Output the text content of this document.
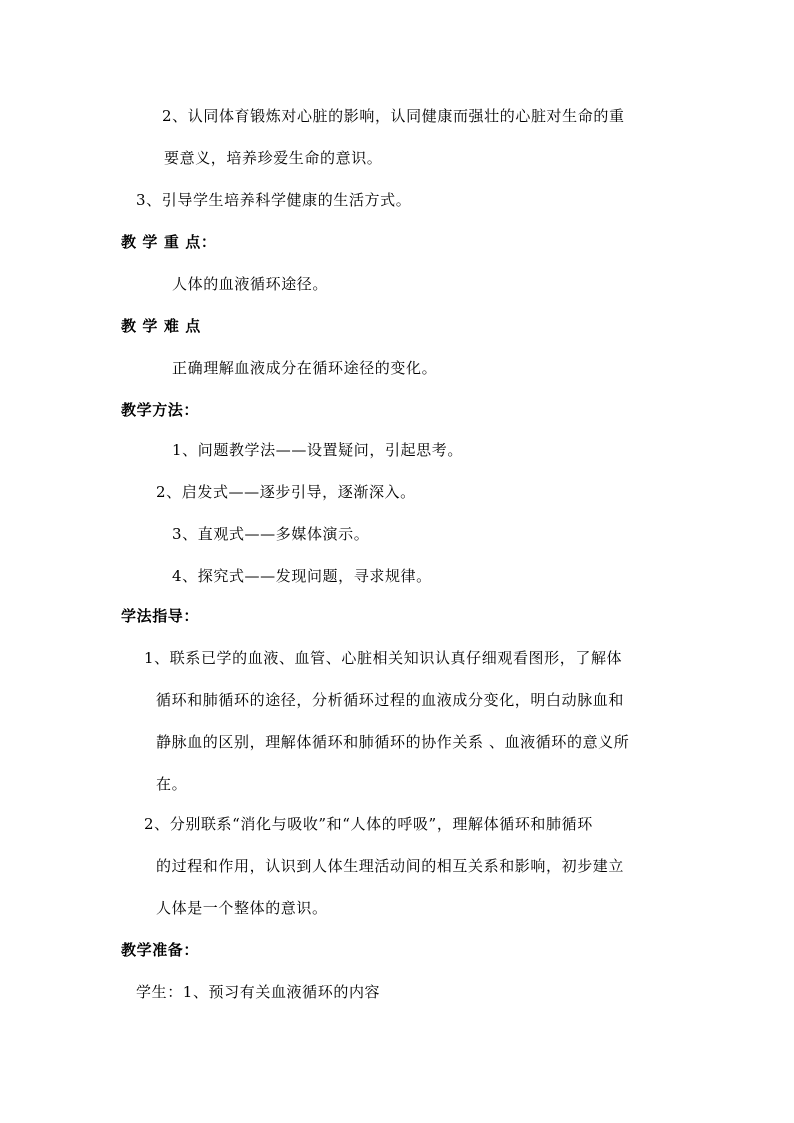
2、认同体育锻炼对心脏的影响，认同健康而强壮的心脏对生命的重
要意义，培养珍爱生命的意识。
3、引导学生培养科学健康的生活方式。
教 学 重 点：
人体的血液循环途径。
教 学 难 点
正确理解血液成分在循环途径的变化。
教学方法：
1、问题教学法——设置疑问，引起思考。
2、启发式——逐步引导，逐渐深入。
3、直观式——多媒体演示。
4、探究式——发现问题，寻求规律。
学法指导：
1、联系已学的血液、血管、心脏相关知识认真仔细观看图形，了解体
循环和肺循环的途径，分析循环过程的血液成分变化，明白动脉血和
静脉血的区别，理解体循环和肺循环的协作关系 、血液循环的意义所
在。
2、分别联系“消化与吸收”和“人体的呼吸”，理解体循环和肺循环
的过程和作用，认识到人体生理活动间的相互关系和影响，初步建立
人体是一个整体的意识。
教学准备：
学生：1、预习有关血液循环的内容
